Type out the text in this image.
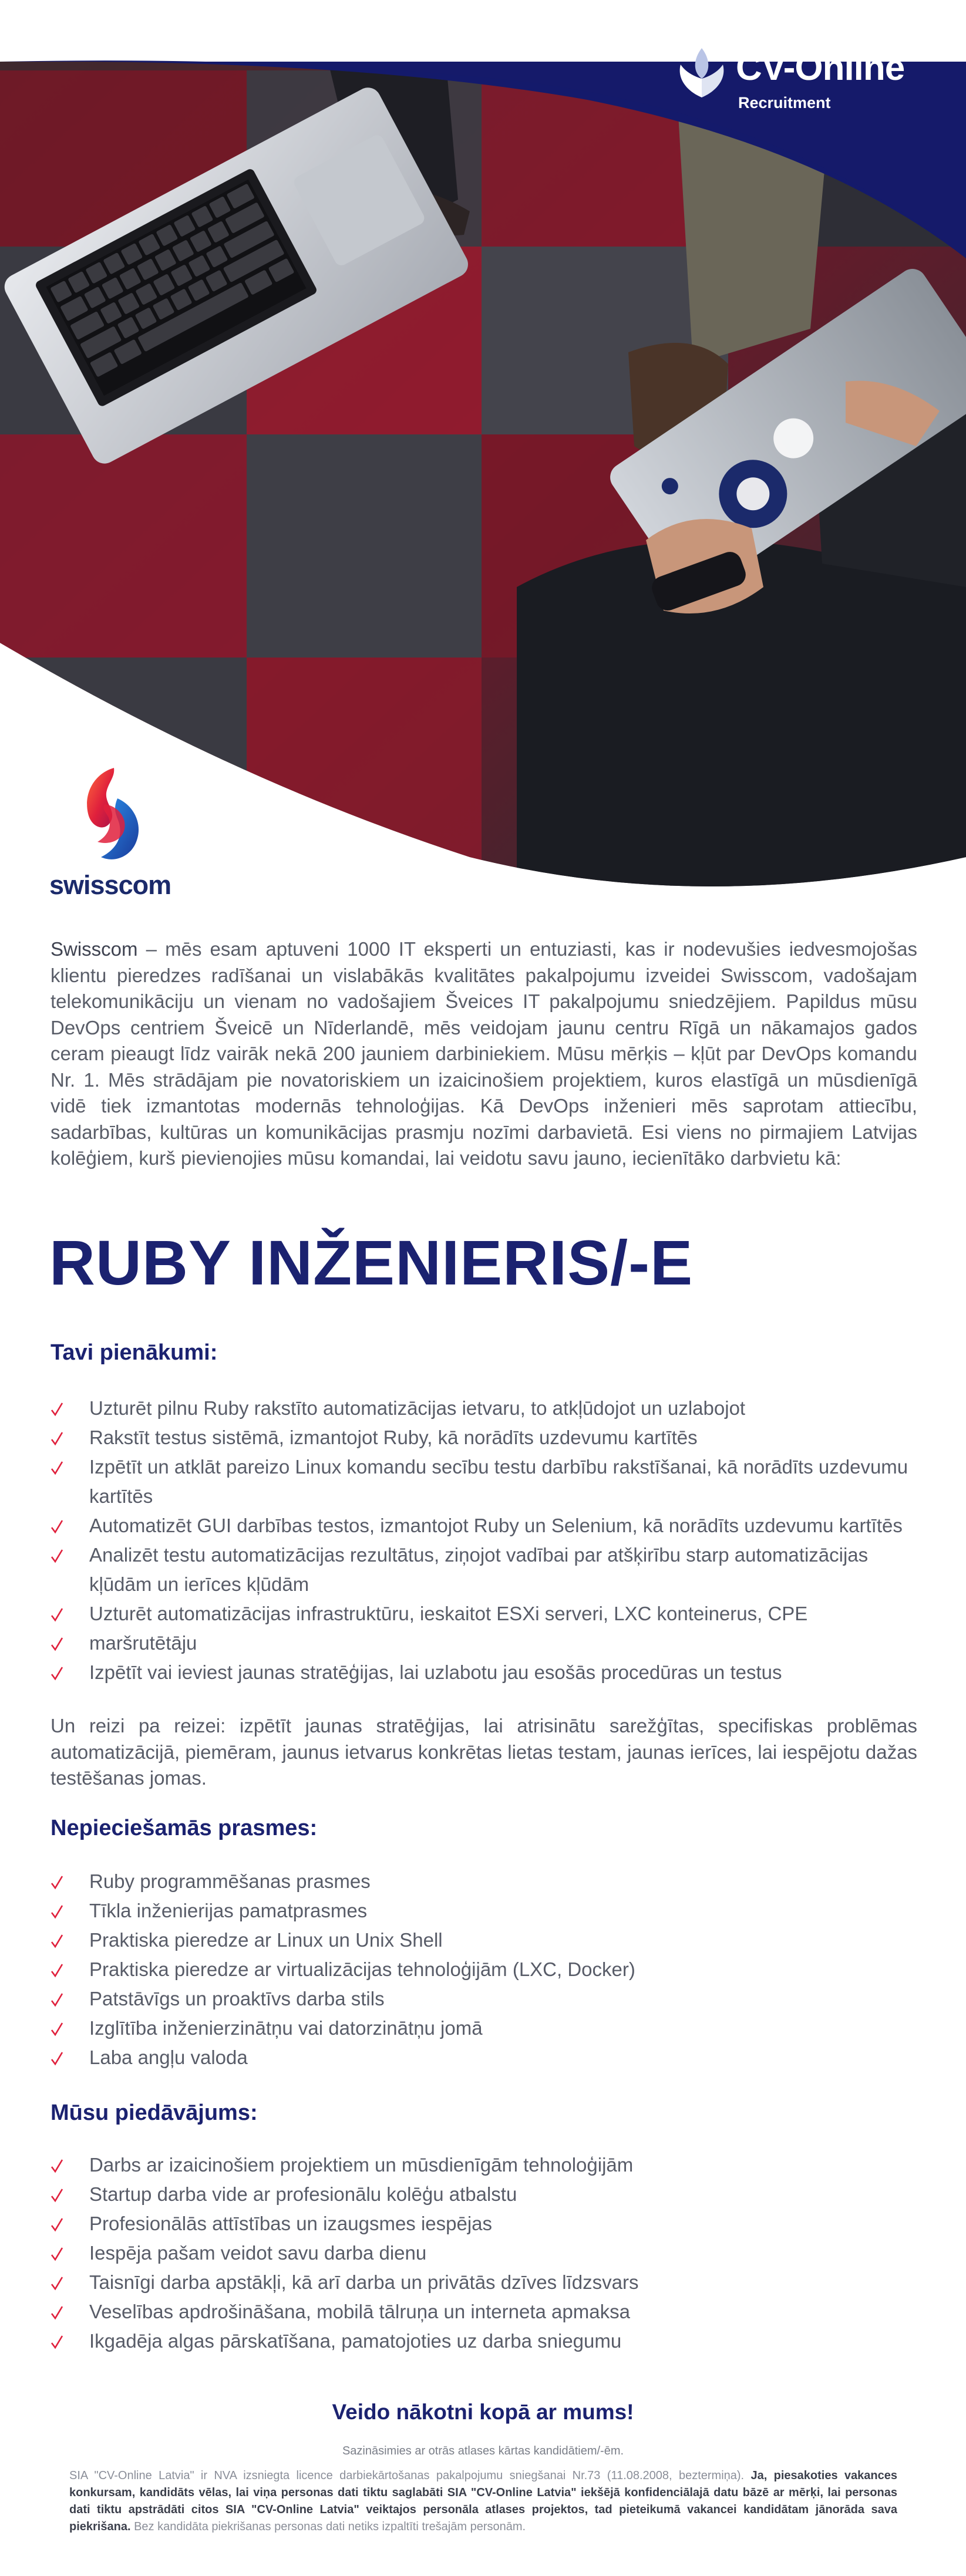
CV-Online
Recruitment
swisscom
Swisscom – mēs esam aptuveni 1000 IT eksperti un entuziasti, kas ir nodevušies iedvesmojošas klientu pieredzes radīšanai un vislabākās kvalitātes pakalpojumu izveidei Swisscom, vadošajam telekomunikāciju un vienam no vadošajiem Šveices IT pakalpojumu sniedzējiem. Papildus mūsu DevOps centriem Šveicē un Nīderlandē, mēs veidojam jaunu centru Rīgā un nākamajos gados ceram pieaugt līdz vairāk nekā 200 jauniem darbiniekiem. Mūsu mērķis – kļūt par DevOps komandu Nr. 1. Mēs strādājam pie novatoriskiem un izaicinošiem projektiem, kuros elastīgā un mūsdienīgā vidē tiek izmantotas modernās tehnoloģijas. Kā DevOps inženieri mēs saprotam attiecību, sadarbības, kultūras un komunikācijas prasmju nozīmi darbavietā. Esi viens no pirmajiem Latvijas kolēģiem, kurš pievienojies mūsu komandai, lai veidotu savu jauno, iecienītāko darbvietu kā:
RUBY INŽENIERIS/-E
Tavi pienākumi:
Uzturēt pilnu Ruby rakstīto automatizācijas ietvaru, to atkļūdojot un uzlabojot
Rakstīt testus sistēmā, izmantojot Ruby, kā norādīts uzdevumu kartītēs
Izpētīt un atklāt pareizo Linux komandu secību testu darbību rakstīšanai, kā norādīts uzdevumu kartītēs
Automatizēt GUI darbības testos, izmantojot Ruby un Selenium, kā norādīts uzdevumu kartītēs
Analizēt testu automatizācijas rezultātus, ziņojot vadībai par atšķirību starp automatizācijas kļūdām un ierīces kļūdām
Uzturēt automatizācijas infrastruktūru, ieskaitot ESXi serveri, LXC konteinerus, CPE
maršrutētāju
Izpētīt vai ieviest jaunas stratēģijas, lai uzlabotu jau esošās procedūras un testus
Un reizi pa reizei: izpētīt jaunas stratēģijas, lai atrisinātu sarežģītas, specifiskas problēmas automatizācijā, piemēram, jaunus ietvarus konkrētas lietas testam, jaunas ierīces, lai iespējotu dažas testēšanas jomas.
Nepieciešamās prasmes:
Ruby programmēšanas prasmes
Tīkla inženierijas pamatprasmes
Praktiska pieredze ar Linux un Unix Shell
Praktiska pieredze ar virtualizācijas tehnoloģijām (LXC, Docker)
Patstāvīgs un proaktīvs darba stils
Izglītība inženierzinātņu vai datorzinātņu jomā
Laba angļu valoda
Mūsu piedāvājums:
Darbs ar izaicinošiem projektiem un mūsdienīgām tehnoloģijām
Startup darba vide ar profesionālu kolēģu atbalstu
Profesionālās attīstības un izaugsmes iespējas
Iespēja pašam veidot savu darba dienu
Taisnīgi darba apstākļi, kā arī darba un privātās dzīves līdzsvars
Veselības apdrošināšana, mobilā tālruņa un interneta apmaksa
Ikgadēja algas pārskatīšana, pamatojoties uz darba sniegumu
Veido nākotni kopā ar mums!
Sazināsimies ar otrās atlases kārtas kandidātiem/-ēm.
SIA "CV-Online Latvia" ir NVA izsniegta licence darbiekārtošanas pakalpojumu sniegšanai Nr.73 (11.08.2008, beztermiņa). Ja, piesakoties vakances konkursam, kandidāts vēlas, lai viņa personas dati tiktu saglabāti SIA "CV-Online Latvia" iekšējā konfidenciālajā datu bāzē ar mērķi, lai personas dati tiktu apstrādāti citos SIA "CV-Online Latvia" veiktajos personāla atlases projektos, tad pieteikumā vakancei kandidātam jānorāda sava piekrišana. Bez kandidāta piekrišanas personas dati netiks izpaltīti trešajām personām.
